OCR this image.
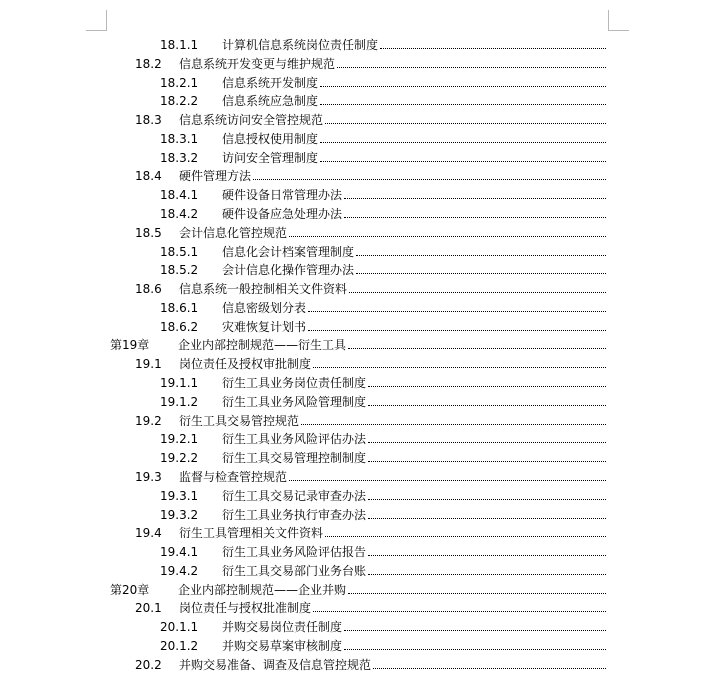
18.1.1	计算机信息系统岗位责任制度
18.2	信息系统开发变更与维护规范
18.2.1	信息系统开发制度
18.2.2	信息系统应急制度
18.3	信息系统访问安全管控规范
18.3.1	信息授权使用制度
18.3.2	访问安全管理制度
18.4	硬件管理方法
18.4.1	硬件设备日常管理办法
18.4.2	硬件设备应急处理办法
18.5	会计信息化管控规范
18.5.1	信息化会计档案管理制度
18.5.2	会计信息化操作管理办法
18.6	信息系统一般控制相关文件资料
18.6.1	信息密级划分表
18.6.2	灾难恢复计划书
第19章	企业内部控制规范——衍生工具
19.1	岗位责任及授权审批制度
19.1.1	衍生工具业务岗位责任制度
19.1.2	衍生工具业务风险管理制度
19.2	衍生工具交易管控规范
19.2.1	衍生工具业务风险评估办法
19.2.2	衍生工具交易管理控制制度
19.3	监督与检查管控规范
19.3.1	衍生工具交易记录审查办法
19.3.2	衍生工具业务执行审查办法
19.4	衍生工具管理相关文件资料
19.4.1	衍生工具业务风险评估报告
19.4.2	衍生工具交易部门业务台账
第20章	企业内部控制规范——企业并购
20.1	岗位责任与授权批准制度
20.1.1	并购交易岗位责任制度
20.1.2	并购交易草案审核制度
20.2	并购交易准备、调查及信息管控规范
